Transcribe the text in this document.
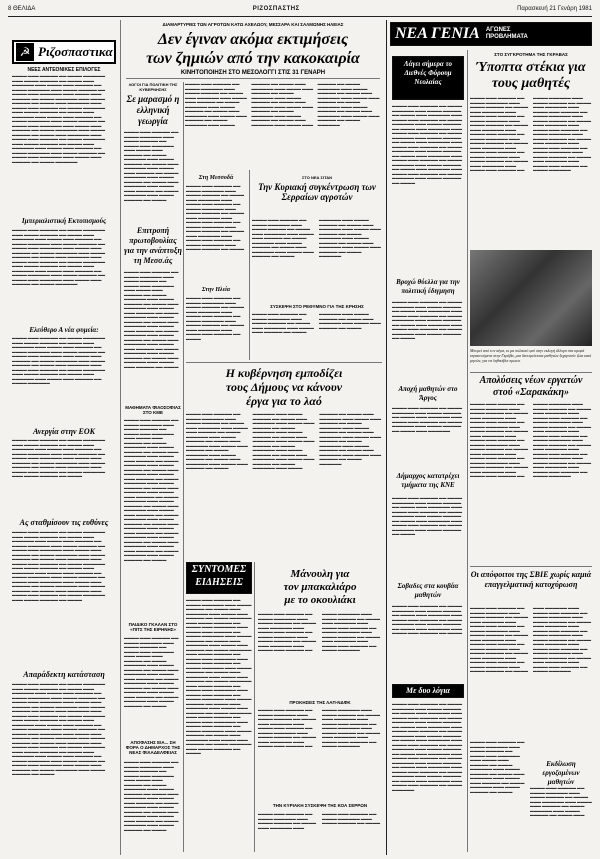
8 ΘΕΛΙΔΑ	ΡΙΖΟΣΠΑΣΤΗΣ	Παρασκευή 21 Γενάρη 1981
☭ Ριζοσπαστικα
ΝΕΕΣ ΑΝΤΕΟΝΙΚΕΣ ΕΠΙΛΟΓΕΣ
▬▬▬▬ ▬▬▬ ▬▬▬▬▬ ▬▬ ▬▬▬▬ ▬▬▬▬▬▬ ▬▬▬ ▬▬▬▬ ▬▬▬▬▬ ▬▬ ▬▬▬▬ ▬▬▬ ▬▬▬▬▬▬ ▬▬▬ ▬▬▬▬ ▬▬▬ ▬▬▬▬▬ ▬▬ ▬▬▬▬ ▬▬▬▬▬▬ ▬▬▬ ▬▬▬▬ ▬▬▬▬▬ ▬▬ ▬▬▬▬ ▬▬▬ ▬▬▬▬▬▬ ▬▬▬ ▬▬▬▬ ▬▬▬ ▬▬▬▬▬ ▬▬ ▬▬▬▬ ▬▬▬▬▬▬ ▬▬▬ ▬▬▬▬ ▬▬▬▬▬ ▬▬ ▬▬▬▬ ▬▬▬ ▬▬▬▬▬▬ ▬▬▬ ▬▬▬▬ ▬▬▬ ▬▬▬▬▬ ▬▬ ▬▬▬▬ ▬▬▬▬▬▬ ▬▬▬ ▬▬▬▬ ▬▬▬▬▬ ▬▬ ▬▬▬▬ ▬▬▬ ▬▬▬▬▬▬ ▬▬▬ ▬▬▬▬ ▬▬▬ ▬▬▬▬▬ ▬▬ ▬▬▬▬ ▬▬▬▬▬▬ ▬▬▬ ▬▬▬▬ ▬▬▬▬▬ ▬▬ ▬▬▬▬ ▬▬▬ ▬▬▬▬▬▬ ▬▬▬ ▬▬▬▬ ▬▬▬ ▬▬▬▬▬ ▬▬ ▬▬▬▬ ▬▬▬▬▬▬ ▬▬▬ ▬▬▬▬ ▬▬▬▬▬ ▬▬ ▬▬▬▬ ▬▬▬ ▬▬▬▬▬▬ ▬▬▬ ▬▬▬▬ ▬▬▬ ▬▬▬▬▬ ▬▬ ▬▬▬▬ ▬▬▬▬▬▬ ▬▬▬ ▬▬▬▬ ▬▬▬▬▬ ▬▬ ▬▬▬▬ ▬▬▬ ▬▬▬▬▬▬ ▬▬▬ ▬▬▬▬ ▬▬▬ ▬▬▬▬▬ ▬▬ ▬▬▬▬ ▬▬▬▬▬▬ ▬▬▬ ▬▬▬▬ ▬▬▬▬▬ ▬▬ ▬▬▬▬ ▬▬▬ ▬▬▬▬▬▬ ▬▬▬ ▬▬▬▬ ▬▬▬ ▬▬▬▬▬ ▬▬ ▬▬▬▬ ▬▬▬▬▬▬
Ιμπεριαλιστική Εκτοπισμούς
▬▬▬▬ ▬▬▬ ▬▬▬▬▬ ▬▬ ▬▬▬▬ ▬▬▬▬▬▬ ▬▬▬ ▬▬▬▬ ▬▬▬▬▬ ▬▬ ▬▬▬▬ ▬▬▬ ▬▬▬▬▬▬ ▬▬▬ ▬▬▬▬ ▬▬▬ ▬▬▬▬▬ ▬▬ ▬▬▬▬ ▬▬▬▬▬▬ ▬▬▬ ▬▬▬▬ ▬▬▬▬▬ ▬▬ ▬▬▬▬ ▬▬▬ ▬▬▬▬▬▬ ▬▬▬ ▬▬▬▬ ▬▬▬ ▬▬▬▬▬ ▬▬ ▬▬▬▬ ▬▬▬▬▬▬ ▬▬▬ ▬▬▬▬ ▬▬▬▬▬ ▬▬ ▬▬▬▬ ▬▬▬ ▬▬▬▬▬▬ ▬▬▬ ▬▬▬▬ ▬▬▬ ▬▬▬▬▬ ▬▬ ▬▬▬▬ ▬▬▬▬▬▬ ▬▬▬ ▬▬▬▬ ▬▬▬▬▬ ▬▬ ▬▬▬▬ ▬▬▬ ▬▬▬▬▬▬ ▬▬▬ ▬▬▬▬ ▬▬▬ ▬▬▬▬▬ ▬▬ ▬▬▬▬ ▬▬▬▬▬▬ ▬▬▬ ▬▬▬▬ ▬▬▬▬▬ ▬▬ ▬▬▬▬ ▬▬▬ ▬▬▬▬▬▬ ▬▬▬ ▬▬▬▬ ▬▬▬ ▬▬▬▬▬ ▬▬ ▬▬▬▬ ▬▬▬▬▬▬
Ελεύθερο Α νέα φυμεία:
▬▬▬▬ ▬▬▬ ▬▬▬▬▬ ▬▬ ▬▬▬▬ ▬▬▬▬▬▬ ▬▬▬ ▬▬▬▬ ▬▬▬▬▬ ▬▬ ▬▬▬▬ ▬▬▬ ▬▬▬▬▬▬ ▬▬▬ ▬▬▬▬ ▬▬▬ ▬▬▬▬▬ ▬▬ ▬▬▬▬ ▬▬▬▬▬▬ ▬▬▬ ▬▬▬▬ ▬▬▬▬▬ ▬▬ ▬▬▬▬ ▬▬▬ ▬▬▬▬▬▬ ▬▬▬ ▬▬▬▬ ▬▬▬ ▬▬▬▬▬ ▬▬ ▬▬▬▬ ▬▬▬▬▬▬ ▬▬▬ ▬▬▬▬ ▬▬▬▬▬ ▬▬ ▬▬▬▬ ▬▬▬ ▬▬▬▬▬▬ ▬▬▬ ▬▬▬▬ ▬▬▬ ▬▬▬▬▬ ▬▬ ▬▬▬▬ ▬▬▬▬▬▬ ▬▬▬ ▬▬▬▬ ▬▬▬▬▬ ▬▬ ▬▬▬▬ ▬▬▬ ▬▬▬▬▬▬ ▬▬▬ ▬▬▬▬ ▬▬▬ ▬▬▬▬▬ ▬▬ ▬▬▬▬ ▬▬▬▬▬▬
Ανεργία στην ΕΟΚ
▬▬▬▬ ▬▬▬ ▬▬▬▬▬ ▬▬ ▬▬▬▬ ▬▬▬▬▬▬ ▬▬▬ ▬▬▬▬ ▬▬▬▬▬ ▬▬ ▬▬▬▬ ▬▬▬ ▬▬▬▬▬▬ ▬▬▬ ▬▬▬▬ ▬▬▬ ▬▬▬▬▬ ▬▬ ▬▬▬▬ ▬▬▬▬▬▬ ▬▬▬ ▬▬▬▬ ▬▬▬▬▬ ▬▬ ▬▬▬▬ ▬▬▬ ▬▬▬▬▬▬ ▬▬▬ ▬▬▬▬ ▬▬▬ ▬▬▬▬▬ ▬▬ ▬▬▬▬ ▬▬▬▬▬▬ ▬▬▬ ▬▬▬▬ ▬▬▬▬▬ ▬▬ ▬▬▬▬ ▬▬▬ ▬▬▬▬▬▬ ▬▬▬ ▬▬▬▬ ▬▬▬ ▬▬▬▬▬ ▬▬ ▬▬▬▬ ▬▬▬▬▬▬ ▬▬▬ ▬▬▬▬ ▬▬▬▬▬ ▬▬ ▬▬▬▬
Ας σταθμίσουν τις ευθύνες
▬▬▬▬ ▬▬▬ ▬▬▬▬▬ ▬▬ ▬▬▬▬ ▬▬▬▬▬▬ ▬▬▬ ▬▬▬▬ ▬▬▬▬▬ ▬▬ ▬▬▬▬ ▬▬▬ ▬▬▬▬▬▬ ▬▬▬ ▬▬▬▬ ▬▬▬ ▬▬▬▬▬ ▬▬ ▬▬▬▬ ▬▬▬▬▬▬ ▬▬▬ ▬▬▬▬ ▬▬▬▬▬ ▬▬ ▬▬▬▬ ▬▬▬ ▬▬▬▬▬▬ ▬▬▬ ▬▬▬▬ ▬▬▬ ▬▬▬▬▬ ▬▬ ▬▬▬▬ ▬▬▬▬▬▬ ▬▬▬ ▬▬▬▬ ▬▬▬▬▬ ▬▬ ▬▬▬▬ ▬▬▬ ▬▬▬▬▬▬ ▬▬▬ ▬▬▬▬ ▬▬▬ ▬▬▬▬▬ ▬▬ ▬▬▬▬ ▬▬▬▬▬▬ ▬▬▬ ▬▬▬▬ ▬▬▬▬▬ ▬▬ ▬▬▬▬ ▬▬▬ ▬▬▬▬▬▬ ▬▬▬ ▬▬▬▬ ▬▬▬ ▬▬▬▬▬ ▬▬ ▬▬▬▬ ▬▬▬▬▬▬ ▬▬▬ ▬▬▬▬ ▬▬▬▬▬ ▬▬ ▬▬▬▬ ▬▬▬ ▬▬▬▬▬▬ ▬▬▬ ▬▬▬▬ ▬▬▬ ▬▬▬▬▬ ▬▬ ▬▬▬▬ ▬▬▬▬▬▬ ▬▬▬ ▬▬▬▬ ▬▬▬▬▬ ▬▬ ▬▬▬▬ ▬▬▬ ▬▬▬▬▬▬ ▬▬▬ ▬▬▬▬ ▬▬▬ ▬▬▬▬▬ ▬▬ ▬▬▬▬ ▬▬▬▬▬▬ ▬▬▬ ▬▬▬▬ ▬▬▬▬▬ ▬▬ ▬▬▬▬
Απαράδεκτη κατάσταση
▬▬▬▬ ▬▬▬ ▬▬▬▬▬ ▬▬ ▬▬▬▬ ▬▬▬▬▬▬ ▬▬▬ ▬▬▬▬ ▬▬▬▬▬ ▬▬ ▬▬▬▬ ▬▬▬ ▬▬▬▬▬▬ ▬▬▬ ▬▬▬▬ ▬▬▬ ▬▬▬▬▬ ▬▬ ▬▬▬▬ ▬▬▬▬▬▬ ▬▬▬ ▬▬▬▬ ▬▬▬▬▬ ▬▬ ▬▬▬▬ ▬▬▬ ▬▬▬▬▬▬ ▬▬▬ ▬▬▬▬ ▬▬▬ ▬▬▬▬▬ ▬▬ ▬▬▬▬ ▬▬▬▬▬▬ ▬▬▬ ▬▬▬▬ ▬▬▬▬▬ ▬▬ ▬▬▬▬ ▬▬▬ ▬▬▬▬▬▬ ▬▬▬ ▬▬▬▬ ▬▬▬ ▬▬▬▬▬ ▬▬ ▬▬▬▬ ▬▬▬▬▬▬ ▬▬▬ ▬▬▬▬ ▬▬▬▬▬ ▬▬ ▬▬▬▬ ▬▬▬ ▬▬▬▬▬▬ ▬▬▬ ▬▬▬▬ ▬▬▬ ▬▬▬▬▬ ▬▬ ▬▬▬▬ ▬▬▬▬▬▬ ▬▬▬ ▬▬▬▬ ▬▬▬▬▬ ▬▬ ▬▬▬▬ ▬▬▬ ▬▬▬▬▬▬ ▬▬▬ ▬▬▬▬ ▬▬▬ ▬▬▬▬▬ ▬▬ ▬▬▬▬ ▬▬▬▬▬▬ ▬▬▬ ▬▬▬▬ ▬▬▬▬▬ ▬▬ ▬▬▬▬ ▬▬▬ ▬▬▬▬▬▬ ▬▬▬ ▬▬▬▬ ▬▬▬ ▬▬▬▬▬ ▬▬ ▬▬▬▬ ▬▬▬▬▬▬ ▬▬▬ ▬▬▬▬ ▬▬▬▬▬ ▬▬ ▬▬▬▬ ▬▬▬ ▬▬▬▬▬▬ ▬▬▬ ▬▬▬▬ ▬▬▬ ▬▬▬▬▬ ▬▬ ▬▬▬▬ ▬▬▬▬▬▬ ▬▬▬ ▬▬▬▬ ▬▬▬▬▬ ▬▬ ▬▬▬▬ ▬▬▬ ▬▬▬▬▬▬ ▬▬▬ ▬▬▬▬ ▬▬▬ ▬▬▬▬▬ ▬▬ ▬▬▬▬ ▬▬▬▬▬▬ ▬▬▬ ▬▬▬▬ ▬▬▬▬▬ ▬▬ ▬▬▬▬
ΔΙΑΜΑΡΤΥΡΙΕΣ ΤΩΝ ΑΓΡΟΤΩΝ ΚΑΤΩ ΑΧΕΛΩΟΥ, ΜΕΣΣΑΡΑ ΚΑΙ ΣΑΛΜΩΝΗΣ ΗΛΕΙΑΣ
Δεν έγιναν ακόμα εκτιμήσεις
των ζημιών από την κακοκαιρία
ΚΙΝΗΤΟΠΟΙΗΣΗ ΣΤΟ ΜΕΣΟΛΟΓΓΙ ΣΤΙΣ 31 ΓΕΝΑΡΗ
▬▬▬▬ ▬▬▬ ▬▬▬▬▬ ▬▬ ▬▬▬▬ ▬▬▬▬▬▬ ▬▬▬ ▬▬▬▬ ▬▬▬▬▬ ▬▬ ▬▬▬▬ ▬▬▬ ▬▬▬▬▬▬ ▬▬▬ ▬▬▬▬ ▬▬▬ ▬▬▬▬▬ ▬▬ ▬▬▬▬ ▬▬▬▬▬▬ ▬▬▬ ▬▬▬▬ ▬▬▬▬▬ ▬▬ ▬▬▬▬ ▬▬▬ ▬▬▬▬▬▬ ▬▬▬ ▬▬▬▬ ▬▬▬ ▬▬▬▬▬ ▬▬ ▬▬▬▬ ▬▬▬▬▬▬ ▬▬▬ ▬▬▬▬ ▬▬▬▬▬ ▬▬ ▬▬▬▬ ▬▬▬ ▬▬▬▬▬▬ ▬▬▬ ▬▬▬▬ ▬▬▬ ▬▬▬▬▬ ▬▬ ▬▬▬▬ ▬▬▬▬▬▬ ▬▬▬ ▬▬▬▬ ▬▬▬▬▬ ▬▬ ▬▬▬▬ ▬▬▬ ▬▬▬▬▬▬ ▬▬▬ ▬▬▬▬ ▬▬▬ ▬▬▬▬▬ ▬▬ ▬▬▬▬ ▬▬▬▬▬▬ ▬▬▬ ▬▬▬▬ ▬▬▬▬▬ ▬▬ ▬▬▬▬ ▬▬▬ ▬▬▬▬▬▬ ▬▬▬ ▬▬▬▬ ▬▬▬ ▬▬▬▬▬ ▬▬ ▬▬▬▬ ▬▬▬▬▬▬ ▬▬▬ ▬▬▬▬ ▬▬▬▬▬ ▬▬ ▬▬▬▬ ▬▬▬ ▬▬▬▬▬▬ ▬▬▬ ▬▬▬▬ ▬▬▬ ▬▬▬▬▬ ▬▬ ▬▬▬▬ ▬▬▬▬▬▬ ▬▬▬ ▬▬▬▬ ▬▬▬▬▬ ▬▬ ▬▬▬▬ ▬▬▬ ▬▬▬▬▬▬ ▬▬▬ ▬▬▬▬ ▬▬▬ ▬▬▬▬▬ ▬▬ ▬▬▬▬ ▬▬▬▬▬▬
ΛΟΓΟΙ ΓΙΑ ΠΟΛΙΤΙΚΗ ΤΗΣ ΚΥΒΕΡΝΗΣΗΣ
Σε μαρασμό η ελληνική γεωργία
▬▬▬▬ ▬▬▬ ▬▬▬▬▬ ▬▬ ▬▬▬▬ ▬▬▬▬▬▬ ▬▬▬ ▬▬▬▬ ▬▬▬▬▬ ▬▬ ▬▬▬▬ ▬▬▬ ▬▬▬▬▬▬ ▬▬▬ ▬▬▬▬ ▬▬▬ ▬▬▬▬▬ ▬▬ ▬▬▬▬ ▬▬▬▬▬▬ ▬▬▬ ▬▬▬▬ ▬▬▬▬▬ ▬▬ ▬▬▬▬ ▬▬▬ ▬▬▬▬▬▬ ▬▬▬ ▬▬▬▬ ▬▬▬ ▬▬▬▬▬ ▬▬ ▬▬▬▬ ▬▬▬▬▬▬ ▬▬▬ ▬▬▬▬ ▬▬▬▬▬ ▬▬ ▬▬▬▬ ▬▬▬ ▬▬▬▬▬▬ ▬▬▬ ▬▬▬▬ ▬▬▬ ▬▬▬▬▬ ▬▬ ▬▬▬▬ ▬▬▬▬▬▬ ▬▬▬ ▬▬▬▬ ▬▬▬▬▬ ▬▬ ▬▬▬▬
Επιτροπή πρωτοβουλίας για την ανάπτυξη τη Μεσσ.άς
▬▬▬▬ ▬▬▬ ▬▬▬▬▬ ▬▬ ▬▬▬▬ ▬▬▬▬▬▬ ▬▬▬ ▬▬▬▬ ▬▬▬▬▬ ▬▬ ▬▬▬▬ ▬▬▬ ▬▬▬▬▬▬ ▬▬▬ ▬▬▬▬ ▬▬▬ ▬▬▬▬▬ ▬▬ ▬▬▬▬ ▬▬▬▬▬▬ ▬▬▬ ▬▬▬▬ ▬▬▬▬▬ ▬▬ ▬▬▬▬ ▬▬▬ ▬▬▬▬▬▬ ▬▬▬ ▬▬▬▬ ▬▬▬ ▬▬▬▬▬ ▬▬ ▬▬▬▬ ▬▬▬▬▬▬ ▬▬▬ ▬▬▬▬ ▬▬▬▬▬ ▬▬ ▬▬▬▬ ▬▬▬ ▬▬▬▬▬▬ ▬▬▬ ▬▬▬▬ ▬▬▬ ▬▬▬▬▬ ▬▬ ▬▬▬▬ ▬▬▬▬▬▬ ▬▬▬ ▬▬▬▬ ▬▬▬▬▬ ▬▬ ▬▬▬▬ ▬▬▬ ▬▬▬▬▬▬ ▬▬▬ ▬▬▬▬ ▬▬▬ ▬▬▬▬▬ ▬▬ ▬▬▬▬ ▬▬▬▬▬▬ ▬▬▬ ▬▬▬▬ ▬▬▬▬▬ ▬▬ ▬▬▬▬ ▬▬▬ ▬▬▬▬▬▬ ▬▬▬ ▬▬▬▬ ▬▬▬ ▬▬▬▬▬ ▬▬ ▬▬▬▬
ΜΑΘΗΜΑΤΑ ΦΙΛΟΣΟΦΙΑΣ ΣΤΟ ΚΜΕ
▬▬▬▬ ▬▬▬ ▬▬▬▬▬ ▬▬ ▬▬▬▬ ▬▬▬▬▬▬ ▬▬▬ ▬▬▬▬ ▬▬▬▬▬ ▬▬ ▬▬▬▬ ▬▬▬ ▬▬▬▬▬▬ ▬▬▬ ▬▬▬▬ ▬▬▬ ▬▬▬▬▬ ▬▬ ▬▬▬▬ ▬▬▬▬▬▬ ▬▬▬ ▬▬▬▬ ▬▬▬▬▬ ▬▬ ▬▬▬▬ ▬▬▬ ▬▬▬▬▬▬ ▬▬▬ ▬▬▬▬ ▬▬▬ ▬▬▬▬▬ ▬▬ ▬▬▬▬ ▬▬▬▬▬▬ ▬▬▬ ▬▬▬▬ ▬▬▬▬▬ ▬▬ ▬▬▬▬ ▬▬▬ ▬▬▬▬▬▬ ▬▬▬ ▬▬▬▬ ▬▬▬ ▬▬▬▬▬ ▬▬ ▬▬▬▬ ▬▬▬▬▬▬ ▬▬▬ ▬▬▬▬ ▬▬▬▬▬ ▬▬ ▬▬▬▬ ▬▬▬ ▬▬▬▬▬▬ ▬▬▬ ▬▬▬▬ ▬▬▬ ▬▬▬▬▬ ▬▬ ▬▬▬▬ ▬▬▬▬▬▬ ▬▬▬ ▬▬▬▬ ▬▬▬▬▬ ▬▬ ▬▬▬▬ ▬▬▬ ▬▬▬▬▬▬ ▬▬▬ ▬▬▬▬ ▬▬▬ ▬▬▬▬▬ ▬▬ ▬▬▬▬ ▬▬▬▬▬▬ ▬▬▬ ▬▬▬▬ ▬▬▬▬▬ ▬▬ ▬▬▬▬ ▬▬▬ ▬▬▬▬▬▬ ▬▬▬ ▬▬▬▬ ▬▬▬ ▬▬▬▬▬ ▬▬ ▬▬▬▬ ▬▬▬▬▬▬ ▬▬▬ ▬▬▬▬ ▬▬▬▬▬ ▬▬ ▬▬▬▬ ▬▬▬ ▬▬▬▬▬▬ ▬▬▬ ▬▬▬▬ ▬▬▬ ▬▬▬▬▬ ▬▬ ▬▬▬▬ ▬▬▬▬▬▬ ▬▬▬ ▬▬▬▬ ▬▬▬▬▬ ▬▬ ▬▬▬▬
ΠΑΙΔΙΚΟ ΓΚΑΛΑΝ ΣΤΟ «ΠΙΤΣ ΤΗΣ ΕΙΡΗΝΗΣ»
▬▬▬▬ ▬▬▬ ▬▬▬▬▬ ▬▬ ▬▬▬▬ ▬▬▬▬▬▬ ▬▬▬ ▬▬▬▬ ▬▬▬▬▬ ▬▬ ▬▬▬▬ ▬▬▬ ▬▬▬▬▬▬ ▬▬▬ ▬▬▬▬ ▬▬▬ ▬▬▬▬▬ ▬▬ ▬▬▬▬ ▬▬▬▬▬▬ ▬▬▬ ▬▬▬▬ ▬▬▬▬▬ ▬▬ ▬▬▬▬ ▬▬▬ ▬▬▬▬▬▬ ▬▬▬ ▬▬▬▬ ▬▬▬ ▬▬▬▬▬ ▬▬ ▬▬▬▬ ▬▬▬▬▬▬ ▬▬▬ ▬▬▬▬ ▬▬▬▬▬ ▬▬ ▬▬▬▬ ▬▬▬ ▬▬▬▬▬▬ ▬▬▬ ▬▬▬▬ ▬▬▬ ▬▬▬▬▬ ▬▬ ▬▬▬▬ ▬▬▬▬▬▬ ▬▬▬ ▬▬▬▬ ▬▬▬▬▬ ▬▬ ▬▬▬▬
ΑΠΟΦΑΣΗΣ ΕΙΑ... ΣΗ ΦΟΡΑ Ο ΔΗΜΑΡΧΟΣ ΤΗΣ ΝΕΑΣ ΦΙΛΑΔΕΛΦΕΙΑΣ
▬▬▬▬ ▬▬▬ ▬▬▬▬▬ ▬▬ ▬▬▬▬ ▬▬▬▬▬▬ ▬▬▬ ▬▬▬▬ ▬▬▬▬▬ ▬▬ ▬▬▬▬ ▬▬▬ ▬▬▬▬▬▬ ▬▬▬ ▬▬▬▬ ▬▬▬ ▬▬▬▬▬ ▬▬ ▬▬▬▬ ▬▬▬▬▬▬ ▬▬▬ ▬▬▬▬ ▬▬▬▬▬ ▬▬ ▬▬▬▬ ▬▬▬ ▬▬▬▬▬▬ ▬▬▬ ▬▬▬▬ ▬▬▬ ▬▬▬▬▬ ▬▬ ▬▬▬▬ ▬▬▬▬▬▬ ▬▬▬ ▬▬▬▬ ▬▬▬▬▬ ▬▬ ▬▬▬▬ ▬▬▬ ▬▬▬▬▬▬ ▬▬▬ ▬▬▬▬ ▬▬▬ ▬▬▬▬▬ ▬▬ ▬▬▬▬ ▬▬▬▬▬▬ ▬▬▬ ▬▬▬▬ ▬▬▬▬▬ ▬▬ ▬▬▬▬
Στη Μεσσοδά
▬▬▬▬ ▬▬▬ ▬▬▬▬▬ ▬▬ ▬▬▬▬ ▬▬▬▬▬▬ ▬▬▬ ▬▬▬▬ ▬▬▬▬▬ ▬▬ ▬▬▬▬ ▬▬▬ ▬▬▬▬▬▬ ▬▬▬ ▬▬▬▬ ▬▬▬ ▬▬▬▬▬ ▬▬ ▬▬▬▬ ▬▬▬▬▬▬ ▬▬▬ ▬▬▬▬ ▬▬▬▬▬ ▬▬ ▬▬▬▬ ▬▬▬ ▬▬▬▬▬▬ ▬▬▬ ▬▬▬▬ ▬▬▬ ▬▬▬▬▬ ▬▬ ▬▬▬▬ ▬▬▬▬▬▬ ▬▬▬ ▬▬▬▬ ▬▬▬▬▬ ▬▬ ▬▬▬▬ ▬▬▬ ▬▬▬▬▬▬ ▬▬▬ ▬▬▬▬ ▬▬▬ ▬▬▬▬▬ ▬▬ ▬▬▬▬ ▬▬▬▬▬▬ ▬▬▬ ▬▬▬▬ ▬▬▬▬▬ ▬▬ ▬▬▬▬
Στην Ηλεία
▬▬▬▬ ▬▬▬ ▬▬▬▬▬ ▬▬ ▬▬▬▬ ▬▬▬▬▬▬ ▬▬▬ ▬▬▬▬ ▬▬▬▬▬ ▬▬ ▬▬▬▬ ▬▬▬ ▬▬▬▬▬▬ ▬▬▬ ▬▬▬▬ ▬▬▬ ▬▬▬▬▬ ▬▬ ▬▬▬▬ ▬▬▬▬▬▬ ▬▬▬ ▬▬▬▬ ▬▬▬▬▬ ▬▬ ▬▬▬▬ ▬▬▬ ▬▬▬▬▬▬ ▬▬▬ ▬▬▬▬ ▬▬▬ ▬▬▬▬▬ ▬▬ ▬▬▬▬
ΣΤΟ ΝΕΑ ΣΙΤΑΝ
Την Κυριακή συγκέντρωση των Σερραίων αγροτών
▬▬▬▬ ▬▬▬ ▬▬▬▬▬ ▬▬ ▬▬▬▬ ▬▬▬▬▬▬ ▬▬▬ ▬▬▬▬ ▬▬▬▬▬ ▬▬ ▬▬▬▬ ▬▬▬ ▬▬▬▬▬▬ ▬▬▬ ▬▬▬▬ ▬▬▬ ▬▬▬▬▬ ▬▬ ▬▬▬▬ ▬▬▬▬▬▬ ▬▬▬ ▬▬▬▬ ▬▬▬▬▬ ▬▬ ▬▬▬▬ ▬▬▬ ▬▬▬▬▬▬ ▬▬▬ ▬▬▬▬ ▬▬▬ ▬▬▬▬▬ ▬▬ ▬▬▬▬ ▬▬▬▬▬▬ ▬▬▬ ▬▬▬▬ ▬▬▬▬▬ ▬▬ ▬▬▬▬ ▬▬▬ ▬▬▬▬▬▬ ▬▬▬ ▬▬▬▬ ▬▬▬ ▬▬▬▬▬ ▬▬ ▬▬▬▬ ▬▬▬▬▬▬ ▬▬▬ ▬▬▬▬ ▬▬▬▬▬ ▬▬ ▬▬▬▬ ▬▬▬ ▬▬▬▬▬▬ ▬▬▬ ▬▬▬▬ ▬▬▬ ▬▬▬▬▬ ▬▬ ▬▬▬▬ ▬▬▬▬▬▬
ΣΥΣΚΕΨΗ ΣΤΟ ΡΕΘΥΜΝΟ ΓΙΑ ΤΗΣ ΚΡΗΣΗΣ
▬▬▬▬ ▬▬▬ ▬▬▬▬▬ ▬▬ ▬▬▬▬ ▬▬▬▬▬▬ ▬▬▬ ▬▬▬▬ ▬▬▬▬▬ ▬▬ ▬▬▬▬ ▬▬▬ ▬▬▬▬▬▬ ▬▬▬ ▬▬▬▬ ▬▬▬ ▬▬▬▬▬ ▬▬ ▬▬▬▬ ▬▬▬▬▬▬ ▬▬▬ ▬▬▬▬ ▬▬▬▬▬ ▬▬ ▬▬▬▬ ▬▬▬ ▬▬▬▬▬▬ ▬▬▬ ▬▬▬▬ ▬▬▬ ▬▬▬▬▬ ▬▬ ▬▬▬▬
Η κυβέρνηση εμποδίζει
τους Δήμους να κάνουν
έργα για το λαό
▬▬▬▬ ▬▬▬ ▬▬▬▬▬ ▬▬ ▬▬▬▬ ▬▬▬▬▬▬ ▬▬▬ ▬▬▬▬ ▬▬▬▬▬ ▬▬ ▬▬▬▬ ▬▬▬ ▬▬▬▬▬▬ ▬▬▬ ▬▬▬▬ ▬▬▬ ▬▬▬▬▬ ▬▬ ▬▬▬▬ ▬▬▬▬▬▬ ▬▬▬ ▬▬▬▬ ▬▬▬▬▬ ▬▬ ▬▬▬▬ ▬▬▬ ▬▬▬▬▬▬ ▬▬▬ ▬▬▬▬ ▬▬▬ ▬▬▬▬▬ ▬▬ ▬▬▬▬ ▬▬▬▬▬▬ ▬▬▬ ▬▬▬▬ ▬▬▬▬▬ ▬▬ ▬▬▬▬ ▬▬▬ ▬▬▬▬▬▬ ▬▬▬ ▬▬▬▬ ▬▬▬ ▬▬▬▬▬ ▬▬ ▬▬▬▬ ▬▬▬▬▬▬ ▬▬▬ ▬▬▬▬ ▬▬▬▬▬ ▬▬ ▬▬▬▬ ▬▬▬ ▬▬▬▬▬▬ ▬▬▬ ▬▬▬▬ ▬▬▬ ▬▬▬▬▬ ▬▬ ▬▬▬▬ ▬▬▬▬▬▬ ▬▬▬ ▬▬▬▬ ▬▬▬▬▬ ▬▬ ▬▬▬▬ ▬▬▬ ▬▬▬▬▬▬ ▬▬▬ ▬▬▬▬ ▬▬▬ ▬▬▬▬▬ ▬▬ ▬▬▬▬ ▬▬▬▬▬▬ ▬▬▬ ▬▬▬▬ ▬▬▬▬▬ ▬▬ ▬▬▬▬ ▬▬▬ ▬▬▬▬▬▬ ▬▬▬ ▬▬▬▬ ▬▬▬ ▬▬▬▬▬ ▬▬ ▬▬▬▬ ▬▬▬▬▬▬ ▬▬▬ ▬▬▬▬ ▬▬▬▬▬ ▬▬ ▬▬▬▬ ▬▬▬ ▬▬▬▬▬▬ ▬▬▬ ▬▬▬▬ ▬▬▬ ▬▬▬▬▬ ▬▬ ▬▬▬▬ ▬▬▬▬▬▬ ▬▬▬ ▬▬▬▬ ▬▬▬▬▬ ▬▬ ▬▬▬▬ ▬▬▬ ▬▬▬▬▬▬ ▬▬▬ ▬▬▬▬ ▬▬▬ ▬▬▬▬▬ ▬▬ ▬▬▬▬ ▬▬▬▬▬▬ ▬▬▬ ▬▬▬▬ ▬▬▬▬▬ ▬▬ ▬▬▬▬ ▬▬▬ ▬▬▬▬▬▬ ▬▬▬ ▬▬▬▬ ▬▬▬ ▬▬▬▬▬ ▬▬ ▬▬▬▬ ▬▬▬▬▬▬
ΣΥΝΤΟΜΕΣ
ΕΙΔΗΣΕΙΣ
▬▬▬▬ ▬▬▬ ▬▬▬▬▬ ▬▬ ▬▬▬▬ ▬▬▬▬▬▬ ▬▬▬ ▬▬▬▬ ▬▬▬▬▬ ▬▬ ▬▬▬▬ ▬▬▬ ▬▬▬▬▬▬ ▬▬▬ ▬▬▬▬ ▬▬▬ ▬▬▬▬▬ ▬▬ ▬▬▬▬ ▬▬▬▬▬▬ ▬▬▬ ▬▬▬▬ ▬▬▬▬▬ ▬▬ ▬▬▬▬ ▬▬▬ ▬▬▬▬▬▬ ▬▬▬ ▬▬▬▬ ▬▬▬ ▬▬▬▬▬ ▬▬ ▬▬▬▬ ▬▬▬▬▬▬ ▬▬▬ ▬▬▬▬ ▬▬▬▬▬ ▬▬ ▬▬▬▬ ▬▬▬ ▬▬▬▬▬▬ ▬▬▬ ▬▬▬▬ ▬▬▬ ▬▬▬▬▬ ▬▬ ▬▬▬▬ ▬▬▬▬▬▬ ▬▬▬ ▬▬▬▬ ▬▬▬▬▬ ▬▬ ▬▬▬▬ ▬▬▬ ▬▬▬▬▬▬ ▬▬▬ ▬▬▬▬ ▬▬▬ ▬▬▬▬▬ ▬▬ ▬▬▬▬ ▬▬▬▬▬▬ ▬▬▬ ▬▬▬▬ ▬▬▬▬▬ ▬▬ ▬▬▬▬ ▬▬▬ ▬▬▬▬▬▬ ▬▬▬ ▬▬▬▬ ▬▬▬ ▬▬▬▬▬ ▬▬ ▬▬▬▬ ▬▬▬▬▬▬ ▬▬▬ ▬▬▬▬ ▬▬▬▬▬ ▬▬ ▬▬▬▬ ▬▬▬ ▬▬▬▬▬▬ ▬▬▬ ▬▬▬▬ ▬▬▬ ▬▬▬▬▬ ▬▬ ▬▬▬▬ ▬▬▬▬▬▬ ▬▬▬ ▬▬▬▬ ▬▬▬▬▬ ▬▬ ▬▬▬▬ ▬▬▬ ▬▬▬▬▬▬ ▬▬▬ ▬▬▬▬ ▬▬▬ ▬▬▬▬▬ ▬▬ ▬▬▬▬ ▬▬▬▬▬▬ ▬▬▬ ▬▬▬▬ ▬▬▬▬▬ ▬▬ ▬▬▬▬ ▬▬▬ ▬▬▬▬▬▬ ▬▬▬ ▬▬▬▬ ▬▬▬ ▬▬▬▬▬ ▬▬ ▬▬▬▬ ▬▬▬▬▬▬ ▬▬▬ ▬▬▬▬ ▬▬▬▬▬ ▬▬ ▬▬▬▬ ▬▬▬ ▬▬▬▬▬▬ ▬▬▬ ▬▬▬▬ ▬▬▬ ▬▬▬▬▬ ▬▬ ▬▬▬▬ ▬▬▬▬▬▬ ▬▬▬ ▬▬▬▬ ▬▬▬▬▬ ▬▬ ▬▬▬▬
Μάνουλη για
τον μπακαλιάρο
με το οκουλιάκι
▬▬▬▬ ▬▬▬ ▬▬▬▬▬ ▬▬ ▬▬▬▬ ▬▬▬▬▬▬ ▬▬▬ ▬▬▬▬ ▬▬▬▬▬ ▬▬ ▬▬▬▬ ▬▬▬ ▬▬▬▬▬▬ ▬▬▬ ▬▬▬▬ ▬▬▬ ▬▬▬▬▬ ▬▬ ▬▬▬▬ ▬▬▬▬▬▬ ▬▬▬ ▬▬▬▬ ▬▬▬▬▬ ▬▬ ▬▬▬▬ ▬▬▬ ▬▬▬▬▬▬ ▬▬▬ ▬▬▬▬ ▬▬▬ ▬▬▬▬▬ ▬▬ ▬▬▬▬ ▬▬▬▬▬▬ ▬▬▬ ▬▬▬▬ ▬▬▬▬▬ ▬▬ ▬▬▬▬ ▬▬▬ ▬▬▬▬▬▬ ▬▬▬ ▬▬▬▬ ▬▬▬ ▬▬▬▬▬ ▬▬ ▬▬▬▬ ▬▬▬▬▬▬ ▬▬▬ ▬▬▬▬ ▬▬▬▬▬ ▬▬ ▬▬▬▬ ▬▬▬ ▬▬▬▬▬▬ ▬▬▬ ▬▬▬▬ ▬▬▬ ▬▬▬▬▬ ▬▬ ▬▬▬▬ ▬▬▬▬▬▬
ΠΡΟΚΗΣΕΙΣ ΤΗΣ ΛΑΠ-ΝΔΦΚ
▬▬▬▬ ▬▬▬ ▬▬▬▬▬ ▬▬ ▬▬▬▬ ▬▬▬▬▬▬ ▬▬▬ ▬▬▬▬ ▬▬▬▬▬ ▬▬ ▬▬▬▬ ▬▬▬ ▬▬▬▬▬▬ ▬▬▬ ▬▬▬▬ ▬▬▬ ▬▬▬▬▬ ▬▬ ▬▬▬▬ ▬▬▬▬▬▬ ▬▬▬ ▬▬▬▬ ▬▬▬▬▬ ▬▬ ▬▬▬▬ ▬▬▬ ▬▬▬▬▬▬ ▬▬▬ ▬▬▬▬ ▬▬▬ ▬▬▬▬▬ ▬▬ ▬▬▬▬ ▬▬▬▬▬▬ ▬▬▬ ▬▬▬▬ ▬▬▬▬▬ ▬▬ ▬▬▬▬ ▬▬▬ ▬▬▬▬▬▬ ▬▬▬ ▬▬▬▬ ▬▬▬ ▬▬▬▬▬ ▬▬ ▬▬▬▬ ▬▬▬▬▬▬ ▬▬▬ ▬▬▬▬ ▬▬▬▬▬ ▬▬ ▬▬▬▬ ▬▬▬ ▬▬▬▬▬▬ ▬▬▬ ▬▬▬▬ ▬▬▬ ▬▬▬▬▬ ▬▬ ▬▬▬▬ ▬▬▬▬▬▬
ΤΗΝ ΚΥΡΙΑΚΗ ΣΥΣΚΕΨΗ ΤΗΣ ΚΟΑ ΣΕΡΡΩΝ
▬▬▬▬ ▬▬▬ ▬▬▬▬▬ ▬▬ ▬▬▬▬ ▬▬▬▬▬▬ ▬▬▬ ▬▬▬▬ ▬▬▬▬▬ ▬▬ ▬▬▬▬ ▬▬▬ ▬▬▬▬▬▬ ▬▬▬ ▬▬▬▬ ▬▬▬ ▬▬▬▬▬ ▬▬ ▬▬▬▬ ▬▬▬▬▬▬ ▬▬▬ ▬▬▬▬ ▬▬▬▬▬ ▬▬ ▬▬▬▬
ΝΕΑ ΓΕΝΙΑ ΑΓΩΝΕΣ
ΠΡΟΒΛΗΜΑΤΑ
Λάγει σήμερα το Διεθνές Φόρουμ Νεολαίας
▬▬▬▬ ▬▬▬ ▬▬▬▬▬ ▬▬ ▬▬▬▬ ▬▬▬▬▬▬ ▬▬▬ ▬▬▬▬ ▬▬▬▬▬ ▬▬ ▬▬▬▬ ▬▬▬ ▬▬▬▬▬▬ ▬▬▬ ▬▬▬▬ ▬▬▬ ▬▬▬▬▬ ▬▬ ▬▬▬▬ ▬▬▬▬▬▬ ▬▬▬ ▬▬▬▬ ▬▬▬▬▬ ▬▬ ▬▬▬▬ ▬▬▬ ▬▬▬▬▬▬ ▬▬▬ ▬▬▬▬ ▬▬▬ ▬▬▬▬▬ ▬▬ ▬▬▬▬ ▬▬▬▬▬▬ ▬▬▬ ▬▬▬▬ ▬▬▬▬▬ ▬▬ ▬▬▬▬ ▬▬▬ ▬▬▬▬▬▬ ▬▬▬ ▬▬▬▬ ▬▬▬ ▬▬▬▬▬ ▬▬ ▬▬▬▬ ▬▬▬▬▬▬ ▬▬▬ ▬▬▬▬ ▬▬▬▬▬ ▬▬ ▬▬▬▬ ▬▬▬ ▬▬▬▬▬▬ ▬▬▬ ▬▬▬▬ ▬▬▬ ▬▬▬▬▬ ▬▬ ▬▬▬▬ ▬▬▬▬▬▬ ▬▬▬ ▬▬▬▬ ▬▬▬▬▬ ▬▬ ▬▬▬▬ ▬▬▬ ▬▬▬▬▬▬ ▬▬▬ ▬▬▬▬ ▬▬▬ ▬▬▬▬▬ ▬▬ ▬▬▬▬ ▬▬▬▬▬▬ ▬▬▬ ▬▬▬▬ ▬▬▬▬▬ ▬▬ ▬▬▬▬
Βροχώ θύελλα για την πολιτική έδιγμηση
▬▬▬▬ ▬▬▬ ▬▬▬▬▬ ▬▬ ▬▬▬▬ ▬▬▬▬▬▬ ▬▬▬ ▬▬▬▬ ▬▬▬▬▬ ▬▬ ▬▬▬▬ ▬▬▬ ▬▬▬▬▬▬ ▬▬▬ ▬▬▬▬ ▬▬▬ ▬▬▬▬▬ ▬▬ ▬▬▬▬ ▬▬▬▬▬▬ ▬▬▬ ▬▬▬▬ ▬▬▬▬▬ ▬▬ ▬▬▬▬ ▬▬▬ ▬▬▬▬▬▬ ▬▬▬ ▬▬▬▬ ▬▬▬ ▬▬▬▬▬ ▬▬ ▬▬▬▬ ▬▬▬▬▬▬ ▬▬▬ ▬▬▬▬ ▬▬▬▬▬ ▬▬ ▬▬▬▬
Αποχή μαθητών στο Άργος
▬▬▬▬ ▬▬▬ ▬▬▬▬▬ ▬▬ ▬▬▬▬ ▬▬▬▬▬▬ ▬▬▬ ▬▬▬▬ ▬▬▬▬▬ ▬▬ ▬▬▬▬ ▬▬▬ ▬▬▬▬▬▬ ▬▬▬ ▬▬▬▬ ▬▬▬ ▬▬▬▬▬ ▬▬ ▬▬▬▬ ▬▬▬▬▬▬ ▬▬▬ ▬▬▬▬ ▬▬▬▬▬ ▬▬ ▬▬▬▬ ▬▬▬ ▬▬▬▬▬▬
Δήμαρχος κατατρέχει τμήματα της ΚΝΕ
▬▬▬▬ ▬▬▬ ▬▬▬▬▬ ▬▬ ▬▬▬▬ ▬▬▬▬▬▬ ▬▬▬ ▬▬▬▬ ▬▬▬▬▬ ▬▬ ▬▬▬▬ ▬▬▬ ▬▬▬▬▬▬ ▬▬▬ ▬▬▬▬ ▬▬▬ ▬▬▬▬▬ ▬▬ ▬▬▬▬ ▬▬▬▬▬▬ ▬▬▬ ▬▬▬▬ ▬▬▬▬▬ ▬▬ ▬▬▬▬ ▬▬▬ ▬▬▬▬▬▬ ▬▬▬ ▬▬▬▬ ▬▬▬ ▬▬▬▬▬ ▬▬ ▬▬▬▬ ▬▬▬▬▬▬ ▬▬▬ ▬▬▬▬ ▬▬▬▬▬ ▬▬ ▬▬▬▬
Σοβαδες στα κουβάα μαθητών
▬▬▬▬ ▬▬▬ ▬▬▬▬▬ ▬▬ ▬▬▬▬ ▬▬▬▬▬▬ ▬▬▬ ▬▬▬▬ ▬▬▬▬▬ ▬▬ ▬▬▬▬ ▬▬▬ ▬▬▬▬▬▬ ▬▬▬ ▬▬▬▬ ▬▬▬ ▬▬▬▬▬ ▬▬ ▬▬▬▬ ▬▬▬▬▬▬ ▬▬▬ ▬▬▬▬ ▬▬▬▬▬ ▬▬ ▬▬▬▬ ▬▬▬ ▬▬▬▬▬▬ ▬▬▬ ▬▬▬▬ ▬▬▬ ▬▬▬▬▬ ▬▬ ▬▬▬▬
Με δυο λόγια
▬▬▬▬ ▬▬▬ ▬▬▬▬▬ ▬▬ ▬▬▬▬ ▬▬▬▬▬▬ ▬▬▬ ▬▬▬▬ ▬▬▬▬▬ ▬▬ ▬▬▬▬ ▬▬▬ ▬▬▬▬▬▬ ▬▬▬ ▬▬▬▬ ▬▬▬ ▬▬▬▬▬ ▬▬ ▬▬▬▬ ▬▬▬▬▬▬ ▬▬▬ ▬▬▬▬ ▬▬▬▬▬ ▬▬ ▬▬▬▬ ▬▬▬ ▬▬▬▬▬▬ ▬▬▬ ▬▬▬▬ ▬▬▬ ▬▬▬▬▬ ▬▬ ▬▬▬▬ ▬▬▬▬▬▬ ▬▬▬ ▬▬▬▬ ▬▬▬▬▬ ▬▬ ▬▬▬▬ ▬▬▬ ▬▬▬▬▬▬ ▬▬▬ ▬▬▬▬ ▬▬▬ ▬▬▬▬▬ ▬▬ ▬▬▬▬ ▬▬▬▬▬▬ ▬▬▬ ▬▬▬▬ ▬▬▬▬▬ ▬▬ ▬▬▬▬ ▬▬▬ ▬▬▬▬▬▬ ▬▬▬ ▬▬▬▬ ▬▬▬ ▬▬▬▬▬ ▬▬ ▬▬▬▬ ▬▬▬▬▬▬ ▬▬▬ ▬▬▬▬ ▬▬▬▬▬ ▬▬ ▬▬▬▬ ▬▬▬ ▬▬▬▬▬▬ ▬▬▬ ▬▬▬▬ ▬▬▬ ▬▬▬▬▬ ▬▬ ▬▬▬▬ ▬▬▬▬▬▬ ▬▬▬ ▬▬▬▬ ▬▬▬▬▬ ▬▬ ▬▬▬▬ ▬▬▬ ▬▬▬▬▬▬ ▬▬▬ ▬▬▬▬ ▬▬▬ ▬▬▬▬▬ ▬▬ ▬▬▬▬ ▬▬▬▬▬▬
ΣΤΟ ΣΥΓΚΡΟΤΗΜΑ ΤΗΣ ΓΚΡΑΒΑΣ
Ύποπτα στέκια για τους μαθητές
▬▬▬▬ ▬▬▬ ▬▬▬▬▬ ▬▬ ▬▬▬▬ ▬▬▬▬▬▬ ▬▬▬ ▬▬▬▬ ▬▬▬▬▬ ▬▬ ▬▬▬▬ ▬▬▬ ▬▬▬▬▬▬ ▬▬▬ ▬▬▬▬ ▬▬▬ ▬▬▬▬▬ ▬▬ ▬▬▬▬ ▬▬▬▬▬▬ ▬▬▬ ▬▬▬▬ ▬▬▬▬▬ ▬▬ ▬▬▬▬ ▬▬▬ ▬▬▬▬▬▬ ▬▬▬ ▬▬▬▬ ▬▬▬ ▬▬▬▬▬ ▬▬ ▬▬▬▬ ▬▬▬▬▬▬ ▬▬▬ ▬▬▬▬ ▬▬▬▬▬ ▬▬ ▬▬▬▬ ▬▬▬ ▬▬▬▬▬▬ ▬▬▬ ▬▬▬▬ ▬▬▬ ▬▬▬▬▬ ▬▬ ▬▬▬▬ ▬▬▬▬▬▬ ▬▬▬ ▬▬▬▬ ▬▬▬▬▬ ▬▬ ▬▬▬▬ ▬▬▬ ▬▬▬▬▬▬ ▬▬▬ ▬▬▬▬ ▬▬▬ ▬▬▬▬▬ ▬▬ ▬▬▬▬ ▬▬▬▬▬▬ ▬▬▬ ▬▬▬▬ ▬▬▬▬▬ ▬▬ ▬▬▬▬ ▬▬▬ ▬▬▬▬▬▬ ▬▬▬ ▬▬▬▬ ▬▬▬ ▬▬▬▬▬ ▬▬ ▬▬▬▬ ▬▬▬▬▬▬ ▬▬▬ ▬▬▬▬ ▬▬▬▬▬ ▬▬ ▬▬▬▬ ▬▬▬ ▬▬▬▬▬▬ ▬▬▬ ▬▬▬▬ ▬▬▬ ▬▬▬▬▬ ▬▬ ▬▬▬▬ ▬▬▬▬▬▬ ▬▬▬ ▬▬▬▬ ▬▬▬▬▬ ▬▬ ▬▬▬▬ ▬▬▬ ▬▬▬▬▬▬ ▬▬▬ ▬▬▬▬ ▬▬▬ ▬▬▬▬▬ ▬▬ ▬▬▬▬ ▬▬▬▬▬▬ ▬▬▬ ▬▬▬▬ ▬▬▬▬▬ ▬▬ ▬▬▬▬ ▬▬▬ ▬▬▬▬▬▬ ▬▬▬ ▬▬▬▬ ▬▬▬ ▬▬▬▬▬ ▬▬ ▬▬▬▬ ▬▬▬▬▬▬
Μπορεί από τον αέρα, κι μα πολιτικό φεύ στην εκλογή έλλογα στα κρυφά κηπαινούμενα στην Γκράβα, μια δευτερεύουσα μαθητών ξεχαρνούν ζώα κακί μηνών, για να ληθικέβιπ πρωτα.
Απολύσεις νέων εργατών στού «Σαρακάκη»
▬▬▬▬ ▬▬▬ ▬▬▬▬▬ ▬▬ ▬▬▬▬ ▬▬▬▬▬▬ ▬▬▬ ▬▬▬▬ ▬▬▬▬▬ ▬▬ ▬▬▬▬ ▬▬▬ ▬▬▬▬▬▬ ▬▬▬ ▬▬▬▬ ▬▬▬ ▬▬▬▬▬ ▬▬ ▬▬▬▬ ▬▬▬▬▬▬ ▬▬▬ ▬▬▬▬ ▬▬▬▬▬ ▬▬ ▬▬▬▬ ▬▬▬ ▬▬▬▬▬▬ ▬▬▬ ▬▬▬▬ ▬▬▬ ▬▬▬▬▬ ▬▬ ▬▬▬▬ ▬▬▬▬▬▬ ▬▬▬ ▬▬▬▬ ▬▬▬▬▬ ▬▬ ▬▬▬▬ ▬▬▬ ▬▬▬▬▬▬ ▬▬▬ ▬▬▬▬ ▬▬▬ ▬▬▬▬▬ ▬▬ ▬▬▬▬ ▬▬▬▬▬▬ ▬▬▬ ▬▬▬▬ ▬▬▬▬▬ ▬▬ ▬▬▬▬ ▬▬▬ ▬▬▬▬▬▬ ▬▬▬ ▬▬▬▬ ▬▬▬ ▬▬▬▬▬ ▬▬ ▬▬▬▬ ▬▬▬▬▬▬ ▬▬▬ ▬▬▬▬ ▬▬▬▬▬ ▬▬ ▬▬▬▬ ▬▬▬ ▬▬▬▬▬▬ ▬▬▬ ▬▬▬▬ ▬▬▬ ▬▬▬▬▬ ▬▬ ▬▬▬▬ ▬▬▬▬▬▬ ▬▬▬ ▬▬▬▬ ▬▬▬▬▬ ▬▬ ▬▬▬▬ ▬▬▬ ▬▬▬▬▬▬ ▬▬▬ ▬▬▬▬ ▬▬▬ ▬▬▬▬▬ ▬▬ ▬▬▬▬ ▬▬▬▬▬▬ ▬▬▬ ▬▬▬▬ ▬▬▬▬▬ ▬▬ ▬▬▬▬ ▬▬▬ ▬▬▬▬▬▬ ▬▬▬ ▬▬▬▬ ▬▬▬ ▬▬▬▬▬ ▬▬ ▬▬▬▬ ▬▬▬▬▬▬ ▬▬▬ ▬▬▬▬ ▬▬▬▬▬ ▬▬ ▬▬▬▬ ▬▬▬ ▬▬▬▬▬▬ ▬▬▬ ▬▬▬▬ ▬▬▬ ▬▬▬▬▬ ▬▬ ▬▬▬▬ ▬▬▬▬▬▬
Οι απόφοιτοι της ΣΒΙΕ χωρίς καμιά επαγγελματική κατοχύρωση
▬▬▬▬ ▬▬▬ ▬▬▬▬▬ ▬▬ ▬▬▬▬ ▬▬▬▬▬▬ ▬▬▬ ▬▬▬▬ ▬▬▬▬▬ ▬▬ ▬▬▬▬ ▬▬▬ ▬▬▬▬▬▬ ▬▬▬ ▬▬▬▬ ▬▬▬ ▬▬▬▬▬ ▬▬ ▬▬▬▬ ▬▬▬▬▬▬ ▬▬▬ ▬▬▬▬ ▬▬▬▬▬ ▬▬ ▬▬▬▬ ▬▬▬ ▬▬▬▬▬▬ ▬▬▬ ▬▬▬▬ ▬▬▬ ▬▬▬▬▬ ▬▬ ▬▬▬▬ ▬▬▬▬▬▬ ▬▬▬ ▬▬▬▬ ▬▬▬▬▬ ▬▬ ▬▬▬▬ ▬▬▬ ▬▬▬▬▬▬ ▬▬▬ ▬▬▬▬ ▬▬▬ ▬▬▬▬▬ ▬▬ ▬▬▬▬ ▬▬▬▬▬▬ ▬▬▬ ▬▬▬▬ ▬▬▬▬▬ ▬▬ ▬▬▬▬ ▬▬▬ ▬▬▬▬▬▬ ▬▬▬ ▬▬▬▬ ▬▬▬ ▬▬▬▬▬ ▬▬ ▬▬▬▬ ▬▬▬▬▬▬ ▬▬▬ ▬▬▬▬ ▬▬▬▬▬ ▬▬ ▬▬▬▬ ▬▬▬ ▬▬▬▬▬▬ ▬▬▬ ▬▬▬▬ ▬▬▬ ▬▬▬▬▬ ▬▬ ▬▬▬▬ ▬▬▬▬▬▬ ▬▬▬ ▬▬▬▬ ▬▬▬▬▬ ▬▬ ▬▬▬▬ ▬▬▬ ▬▬▬▬▬▬ ▬▬▬ ▬▬▬▬ ▬▬▬ ▬▬▬▬▬ ▬▬ ▬▬▬▬ ▬▬▬▬▬▬ ▬▬▬ ▬▬▬▬ ▬▬▬▬▬ ▬▬ ▬▬▬▬ ▬▬▬ ▬▬▬▬▬▬ ▬▬▬ ▬▬▬▬ ▬▬▬ ▬▬▬▬▬ ▬▬ ▬▬▬▬ ▬▬▬▬▬▬
Εκδίλωση εργοζομένων μαθητών
▬▬▬▬ ▬▬▬ ▬▬▬▬▬ ▬▬ ▬▬▬▬ ▬▬▬▬▬▬ ▬▬▬ ▬▬▬▬ ▬▬▬▬▬ ▬▬ ▬▬▬▬ ▬▬▬ ▬▬▬▬▬▬ ▬▬▬ ▬▬▬▬ ▬▬▬ ▬▬▬▬▬ ▬▬ ▬▬▬▬ ▬▬▬▬▬▬ ▬▬▬ ▬▬▬▬ ▬▬▬▬▬ ▬▬ ▬▬▬▬ ▬▬▬
▬▬▬▬ ▬▬▬ ▬▬▬▬▬ ▬▬ ▬▬▬▬ ▬▬▬▬▬▬ ▬▬▬ ▬▬▬▬ ▬▬▬▬▬ ▬▬ ▬▬▬▬ ▬▬▬ ▬▬▬▬▬▬ ▬▬▬ ▬▬▬▬ ▬▬▬ ▬▬▬▬▬ ▬▬ ▬▬▬▬ ▬▬▬▬▬▬ ▬▬▬ ▬▬▬▬ ▬▬▬▬▬ ▬▬ ▬▬▬▬ ▬▬▬ ▬▬▬▬▬▬ ▬▬▬ ▬▬▬▬ ▬▬▬ ▬▬▬▬▬ ▬▬ ▬▬▬▬ ▬▬▬▬▬▬ ▬▬▬ ▬▬▬▬ ▬▬▬▬▬ ▬▬ ▬▬▬▬
